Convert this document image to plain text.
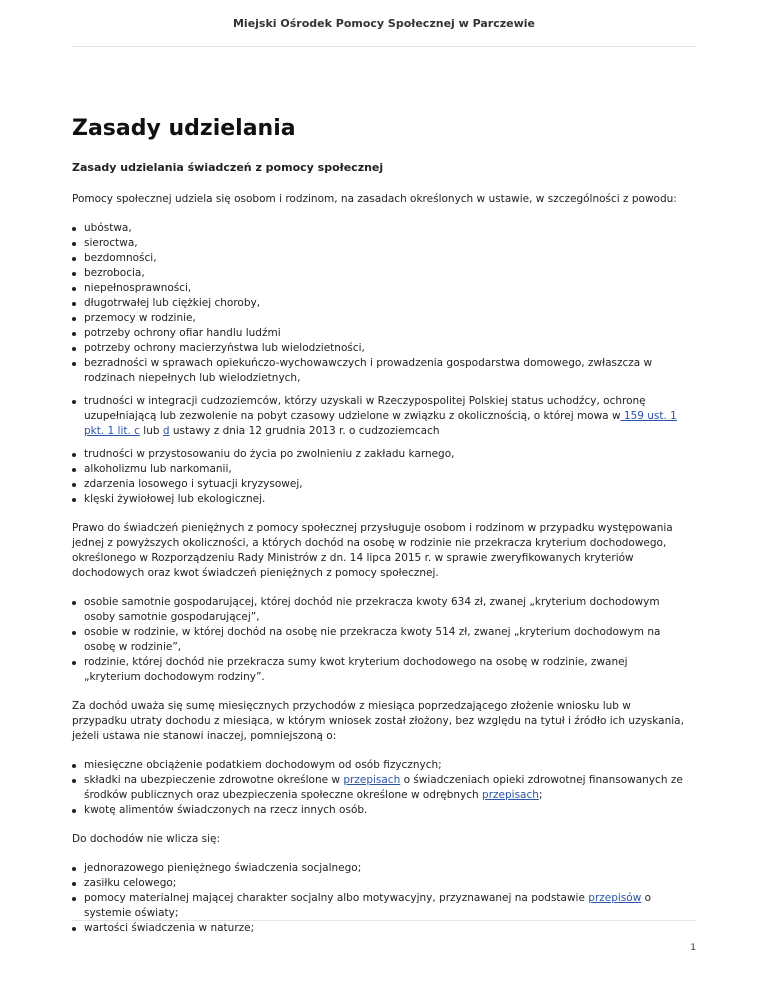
Miejski Ośrodek Pomocy Społecznej w Parczewie
Zasady udzielania
Zasady udzielania świadczeń z pomocy społecznej

Pomocy społecznej udziela się osobom i rodzinom, na zasadach określonych w ustawie, w szczególności z powodu:

ubóstwa,
sieroctwa,
bezdomności,
bezrobocia,
niepełnosprawności,
długotrwałej lub ciężkiej choroby,
przemocy w rodzinie,
potrzeby ochrony ofiar handlu ludźmi
potrzeby ochrony macierzyństwa lub wielodzietności,
bezradności w sprawach opiekuńczo-wychowawczych i prowadzenia gospodarstwa domowego, zwłaszcza w rodzinach niepełnych lub wielodzietnych,
trudności w integracji cudzoziemców, którzy uzyskali w Rzeczypospolitej Polskiej status uchodźcy, ochronę uzupełniającą lub zezwolenie na pobyt czasowy udzielone w związku z okolicznością, o której mowa w 159 ust. 1 pkt. 1 lit. c lub d ustawy z dnia 12 grudnia 2013 r. o cudzoziemcach
trudności w przystosowaniu do życia po zwolnieniu z zakładu karnego,
alkoholizmu lub narkomanii,
zdarzenia losowego i sytuacji kryzysowej,
klęski żywiołowej lub ekologicznej.

Prawo do świadczeń pieniężnych z pomocy społecznej przysługuje osobom i rodzinom w przypadku występowania jednej z powyższych okoliczności, a których dochód na osobę w rodzinie nie przekracza kryterium dochodowego, określonego w Rozporządzeniu Rady Ministrów z dn. 14 lipca 2015 r. w sprawie zweryfikowanych kryteriów dochodowych oraz kwot świadczeń pieniężnych z pomocy społecznej.

osobie samotnie gospodarującej, której dochód nie przekracza kwoty 634 zł, zwanej „kryterium dochodowym osoby samotnie gospodarującej”,
osobie w rodzinie, w której dochód na osobę nie przekracza kwoty 514 zł, zwanej „kryterium dochodowym na osobę w rodzinie”,
rodzinie, której dochód nie przekracza sumy kwot kryterium dochodowego na osobę w rodzinie, zwanej „kryterium dochodowym rodziny”.

Za dochód uważa się sumę miesięcznych przychodów z miesiąca poprzedzającego złożenie wniosku lub w przypadku utraty dochodu z miesiąca, w którym wniosek został złożony, bez względu na tytuł i źródło ich uzyskania, jeżeli ustawa nie stanowi inaczej, pomniejszoną o:

miesięczne obciążenie podatkiem dochodowym od osób fizycznych;
składki na ubezpieczenie zdrowotne określone w przepisach o świadczeniach opieki zdrowotnej finansowanych ze środków publicznych oraz ubezpieczenia społeczne określone w odrębnych przepisach;
kwotę alimentów świadczonych na rzecz innych osób.

Do dochodów nie wlicza się:

jednorazowego pieniężnego świadczenia socjalnego;
zasiłku celowego;
pomocy materialnej mającej charakter socjalny albo motywacyjny, przyznawanej na podstawie przepisów o systemie oświaty;
wartości świadczenia w naturze;
1
